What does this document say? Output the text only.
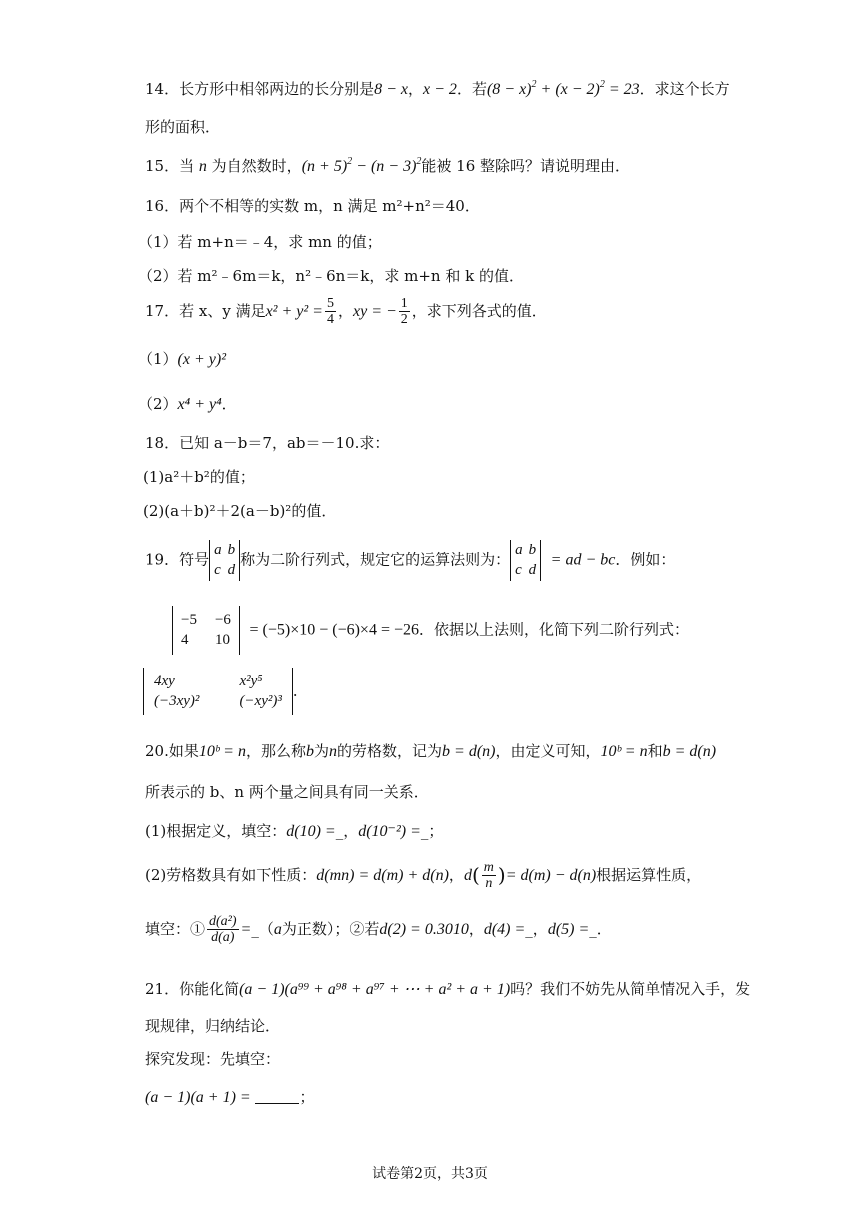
14．长方形中相邻两边的长分别是8 − x，x − 2．若$(8 - x)^2 + (x - 2)^2 = 23$．求这个长方
形的面积．
15．当 n 为自然数时，$(n + 5)^2 - (n - 3)^2$能被 16 整除吗？请说明理由．
16．两个不相等的实数 m，n 满足 m²+n²＝40．
（1）若 m+n＝﹣4，求 mn 的值；
（2）若 m²﹣6m＝k，n²﹣6n＝k，求 m+n 和 k 的值．
17．若 x、y 满足$x^2 + y^2 = \frac{5}{4}$ ，xy = − $\frac{1}{2}$ ，求下列各式的值．
（1）(x + y)²
（2）x⁴ + y⁴．
18．已知 a－b＝7，ab＝－10.求：
(1)a²＋b²的值；
(2)(a＋b)²＋2(a－b)²的值．
19．符号
a b
c d
称为二阶行列式，规定它的运算法则为：
a b
c d
= ad − bc．例如：
−5 −6
4	10
= (−5)×10 − (−6)×4 = −26．依据以上法则，化简下列二阶行列式：
4xy	x²y⁵
(−3xy)²	(−xy²)³
．
20.如果10ᵇ = n，那么称b为n的劳格数，记为b = d(n)，由定义可知，10ᵇ = n和b = d(n)
所表示的 b、n 两个量之间具有同一关系．
(1)根据定义，填空：d(10) =_，d(10⁻²) =_；
(2)劳格数具有如下性质：d(mn) = d(m) + d(n)，$d( \frac{m}{n}$ )= d(m) − d(n)根据运算性质，
填空：① $\frac{\text{d(a²)}}{d(a)}$ =_（a为正数）；②若d(2) = 0.3010，d(4) =_，d(5) =_．
21．你能化简(a − 1)(a⁹⁹ + a⁹⁸ + a⁹⁷ + ⋯ + a² + a + 1)吗？我们不妨先从简单情况入手，发
现规律，归纳结论．
探究发现：先填空：
(a − 1)(a + 1) =	；
试卷第2页，共3页
